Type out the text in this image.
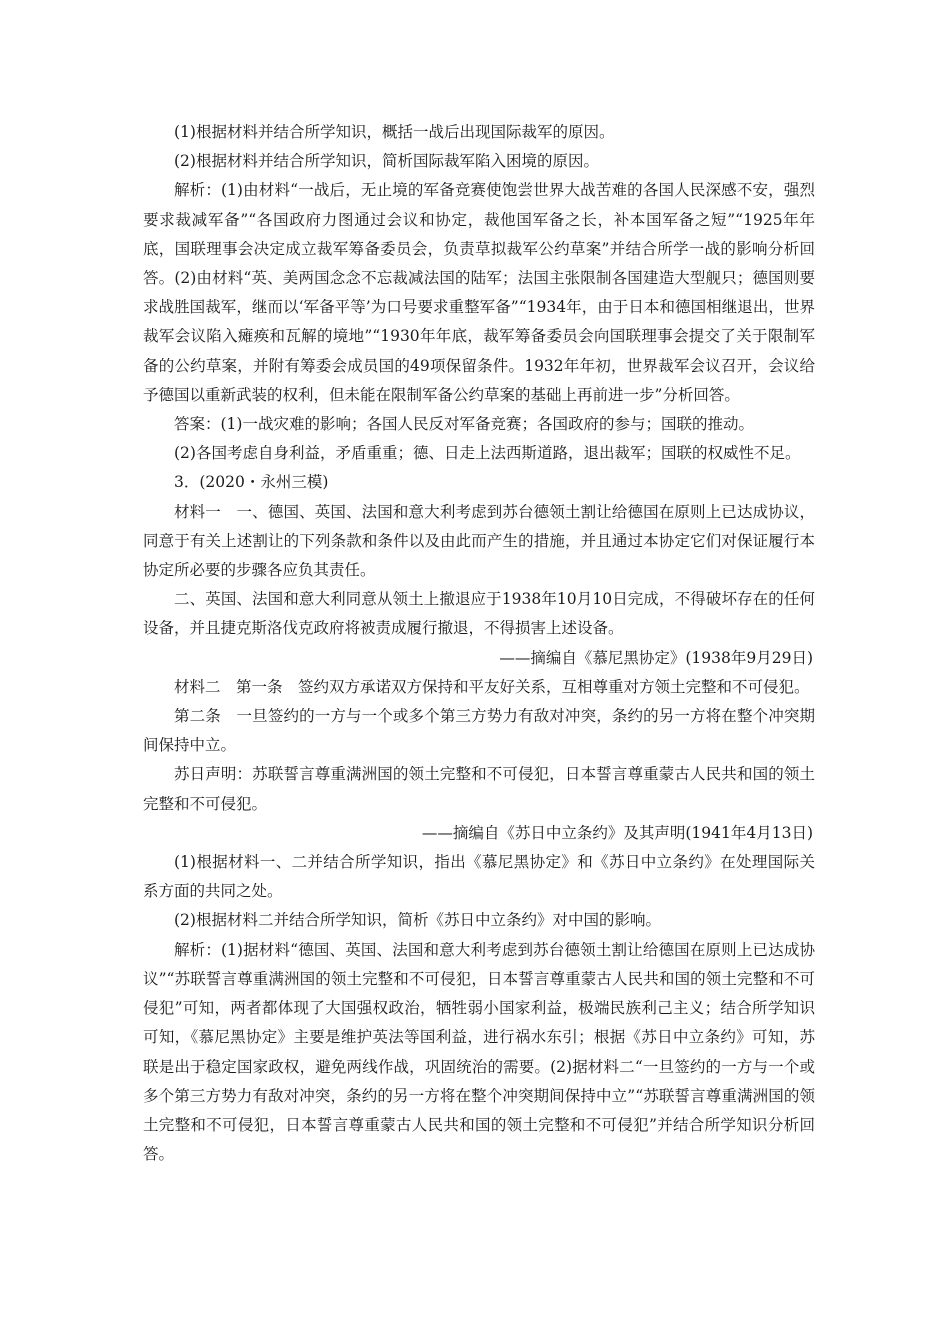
(1)根据材料并结合所学知识，概括一战后出现国际裁军的原因。

(2)根据材料并结合所学知识，简析国际裁军陷入困境的原因。

解析：(1)由材料“一战后，无止境的军备竞赛使饱尝世界大战苦难的各国人民深感不安，强烈要求裁减军备”“各国政府力图通过会议和协定，裁他国军备之长，补本国军备之短”“1925年年底，国联理事会决定成立裁军筹备委员会，负责草拟裁军公约草案”并结合所学一战的影响分析回答。(2)由材料“英、美两国念念不忘裁减法国的陆军；法国主张限制各国建造大型舰只；德国则要求战胜国裁军，继而以‘军备平等’为口号要求重整军备”“1934年，由于日本和德国相继退出，世界裁军会议陷入瘫痪和瓦解的境地”“1930年年底，裁军筹备委员会向国联理事会提交了关于限制军备的公约草案，并附有筹委会成员国的49项保留条件。1932年年初，世界裁军会议召开，会议给予德国以重新武装的权利，但未能在限制军备公约草案的基础上再前进一步”分析回答。

答案：(1)一战灾难的影响；各国人民反对军备竞赛；各国政府的参与；国联的推动。

(2)各国考虑自身利益，矛盾重重；德、日走上法西斯道路，退出裁军；国联的权威性不足。

3．(2020・永州三模)

材料一　一、德国、英国、法国和意大利考虑到苏台德领土割让给德国在原则上已达成协议，同意于有关上述割让的下列条款和条件以及由此而产生的措施，并且通过本协定它们对保证履行本协定所必要的步骤各应负其责任。

二、英国、法国和意大利同意从领土上撤退应于1938年10月10日完成，不得破坏存在的任何设备，并且捷克斯洛伐克政府将被责成履行撤退，不得损害上述设备。

——摘编自《慕尼黑协定》(1938年9月29日)

材料二　第一条　签约双方承诺双方保持和平友好关系，互相尊重对方领土完整和不可侵犯。

第二条　一旦签约的一方与一个或多个第三方势力有敌对冲突，条约的另一方将在整个冲突期间保持中立。

苏日声明：苏联誓言尊重满洲国的领土完整和不可侵犯，日本誓言尊重蒙古人民共和国的领土完整和不可侵犯。

——摘编自《苏日中立条约》及其声明(1941年4月13日)

(1)根据材料一、二并结合所学知识，指出《慕尼黑协定》和《苏日中立条约》在处理国际关系方面的共同之处。

(2)根据材料二并结合所学知识，简析《苏日中立条约》对中国的影响。

解析：(1)据材料“德国、英国、法国和意大利考虑到苏台德领土割让给德国在原则上已达成协议”“苏联誓言尊重满洲国的领土完整和不可侵犯，日本誓言尊重蒙古人民共和国的领土完整和不可侵犯”可知，两者都体现了大国强权政治，牺牲弱小国家利益，极端民族利己主义；结合所学知识可知，《慕尼黑协定》主要是维护英法等国利益，进行祸水东引；根据《苏日中立条约》可知，苏联是出于稳定国家政权，避免两线作战，巩固统治的需要。(2)据材料二“一旦签约的一方与一个或多个第三方势力有敌对冲突，条约的另一方将在整个冲突期间保持中立”“苏联誓言尊重满洲国的领土完整和不可侵犯，日本誓言尊重蒙古人民共和国的领土完整和不可侵犯”并结合所学知识分析回答。
